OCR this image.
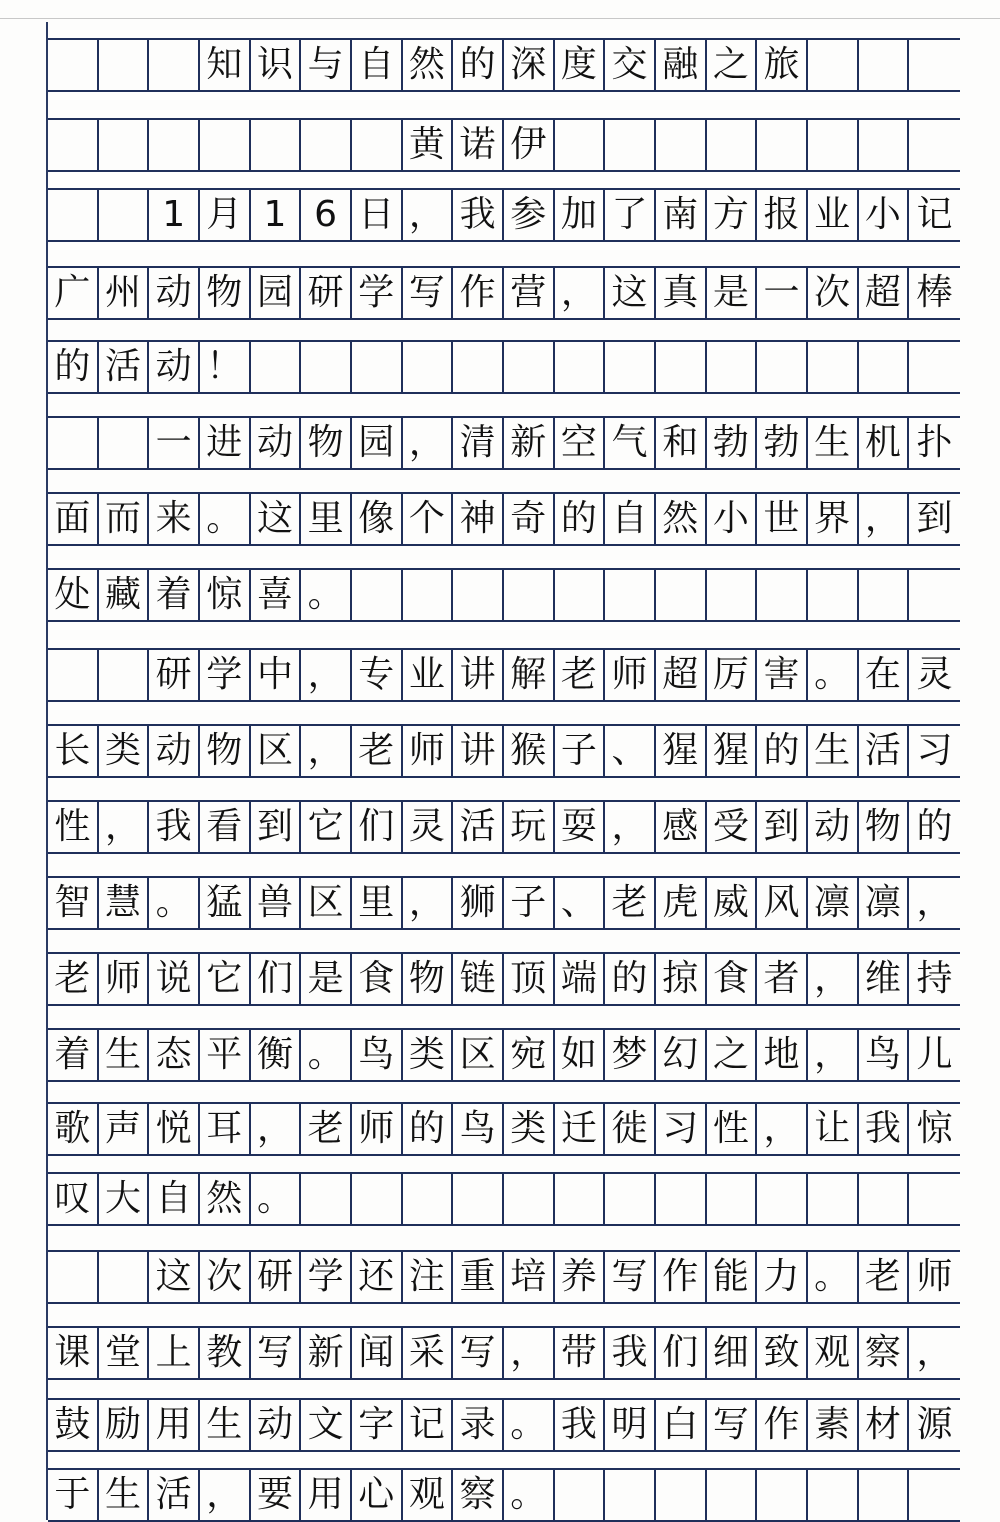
知 识 与 自 然 的 深 度 交 融 之 旅
黄 诺 伊
1 月 1 6 日 ， 我 参 加 了 南 方 报 业 小 记
广 州 动 物 园 研 学 写 作 营 ， 这 真 是 一 次 超 棒
的 活 动 ！
一 进 动 物 园 ， 清 新 空 气 和 勃 勃 生 机 扑
面 而 来 。 这 里 像 个 神 奇 的 自 然 小 世 界 ， 到
处 藏 着 惊 喜 。
研 学 中 ， 专 业 讲 解 老 师 超 厉 害 。 在 灵
长 类 动 物 区 ， 老 师 讲 猴 子 、 猩 猩 的 生 活 习
性 ， 我 看 到 它 们 灵 活 玩 耍 ， 感 受 到 动 物 的
智 慧 。 猛 兽 区 里 ， 狮 子 、 老 虎 威 风 凛 凛 ，
老 师 说 它 们 是 食 物 链 顶 端 的 掠 食 者 ， 维 持
着 生 态 平 衡 。 鸟 类 区 宛 如 梦 幻 之 地 ， 鸟 儿
歌 声 悦 耳 ， 老 师 的 鸟 类 迁 徙 习 性 ， 让 我 惊
叹 大 自 然 。
这 次 研 学 还 注 重 培 养 写 作 能 力 。 老 师
课 堂 上 教 写 新 闻 采 写 ， 带 我 们 细 致 观 察 ，
鼓 励 用 生 动 文 字 记 录 。 我 明 白 写 作 素 材 源
于 生 活 ， 要 用 心 观 察 。
